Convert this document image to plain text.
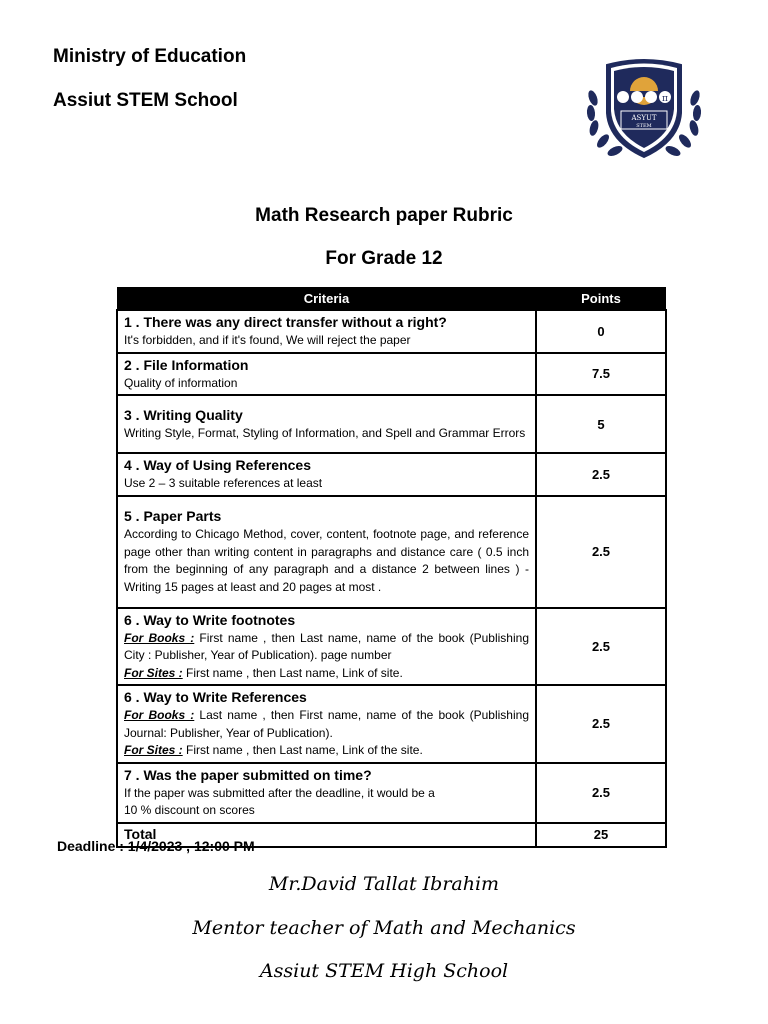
Ministry of Education
Assiut STEM School	π
ASYUT
STEM
Math Research paper Rubric
For Grade 12
Criteria	Points

1 . There was any direct transfer without a right?
It's forbidden, and if it's found, We will reject the paper	0

2 . File Information
Quality of information	7.5

3 . Writing Quality
Writing Style, Format, Styling of Information, and Spell and Grammar Errors	5

4 . Way of Using References
Use 2 – 3 suitable references at least	2.5

5 . Paper Parts
According to Chicago Method, cover, content, footnote page, and reference page other than writing content in paragraphs and distance care ( 0.5 inch from the beginning of any paragraph and a distance 2 between lines ) - Writing 15 pages at least and 20 pages at most .	2.5

6 . Way to Write footnotes
For Books : First name , then Last name, name of the book (Publishing City : Publisher, Year of Publication). page number
For Sites : First name , then Last name, Link of site.	2.5

6 . Way to Write References
For Books : Last name , then First name, name of the book (Publishing Journal: Publisher, Year of Publication).
For Sites : First name , then Last name, Link of the site.	2.5

7 . Was the paper submitted on time?
If the paper was submitted after the deadline, it would be a
10 % discount on scores	2.5
Total	25
Deadline : 1/4/2023 , 12:00 PM
Mr.David Tallat Ibrahim
Mentor teacher of Math and Mechanics
Assiut STEM High School
